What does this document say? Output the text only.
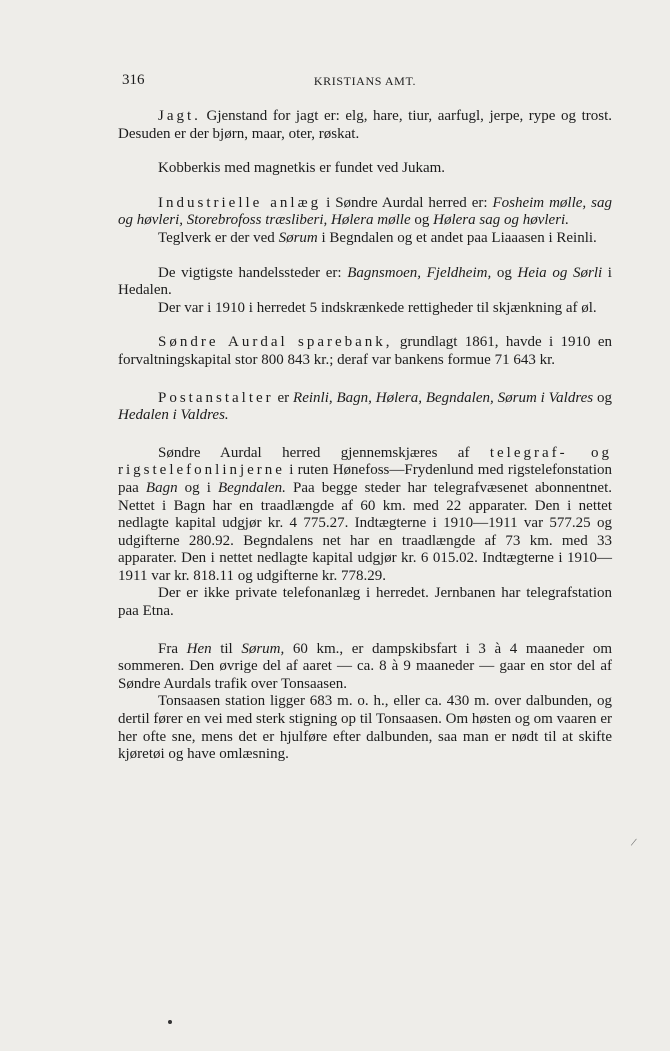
316	KRISTIANS AMT.

Jagt. Gjenstand for jagt er: elg, hare, tiur, aarfugl, jerpe, rype og trost. Desuden er der bjørn, maar, oter, røskat.

Kobberkis med magnetkis er fundet ved Jukam.

Industrielle anlæg i Søndre Aurdal herred er: Fosheim mølle, sag og høvleri, Storebrofoss træsliberi, Hølera mølle og Hølera sag og høvleri.

Teglverk er der ved Sørum i Begndalen og et andet paa Liaaasen i Reinli.

De vigtigste handelssteder er: Bagnsmoen, Fjeldheim, og Heia og Sørli i Hedalen.

Der var i 1910 i herredet 5 indskrænkede rettigheder til skjænkning af øl.

Søndre Aurdal sparebank, grundlagt 1861, havde i 1910 en forvaltningskapital stor 800 843 kr.; deraf var bankens formue 71 643 kr.

Postanstalter er Reinli, Bagn, Hølera, Begndalen, Sørum i Valdres og Hedalen i Valdres.

Søndre Aurdal herred gjennemskjæres af telegraf- og rigstelefonlinjerne i ruten Hønefoss—Frydenlund med rigstelefonstation paa Bagn og i Begndalen. Paa begge steder har telegrafvæsenet abonnentnet. Nettet i Bagn har en traadlængde af 60 km. med 22 apparater. Den i nettet nedlagte kapital udgjør kr. 4 775.27. Indtægterne i 1910—1911 var 577.25 og udgifterne 280.92. Begndalens net har en traadlængde af 73 km. med 33 apparater. Den i nettet nedlagte kapital udgjør kr. 6 015.02. Indtægterne i 1910—1911 var kr. 818.11 og udgifterne kr. 778.29.

Der er ikke private telefonanlæg i herredet. Jernbanen har telegrafstation paa Etna.

Fra Hen til Sørum, 60 km., er dampskibsfart i 3 à 4 maaneder om sommeren. Den øvrige del af aaret — ca. 8 à 9 maaneder — gaar en stor del af Søndre Aurdals trafik over Tonsaasen.

Tonsaasen station ligger 683 m. o. h., eller ca. 430 m. over dalbunden, og dertil fører en vei med sterk stigning op til Tonsaasen. Om høsten og om vaaren er her ofte sne, mens det er hjulføre efter dalbunden, saa man er nødt til at skifte kjøretøi og have omlæsning.

/
